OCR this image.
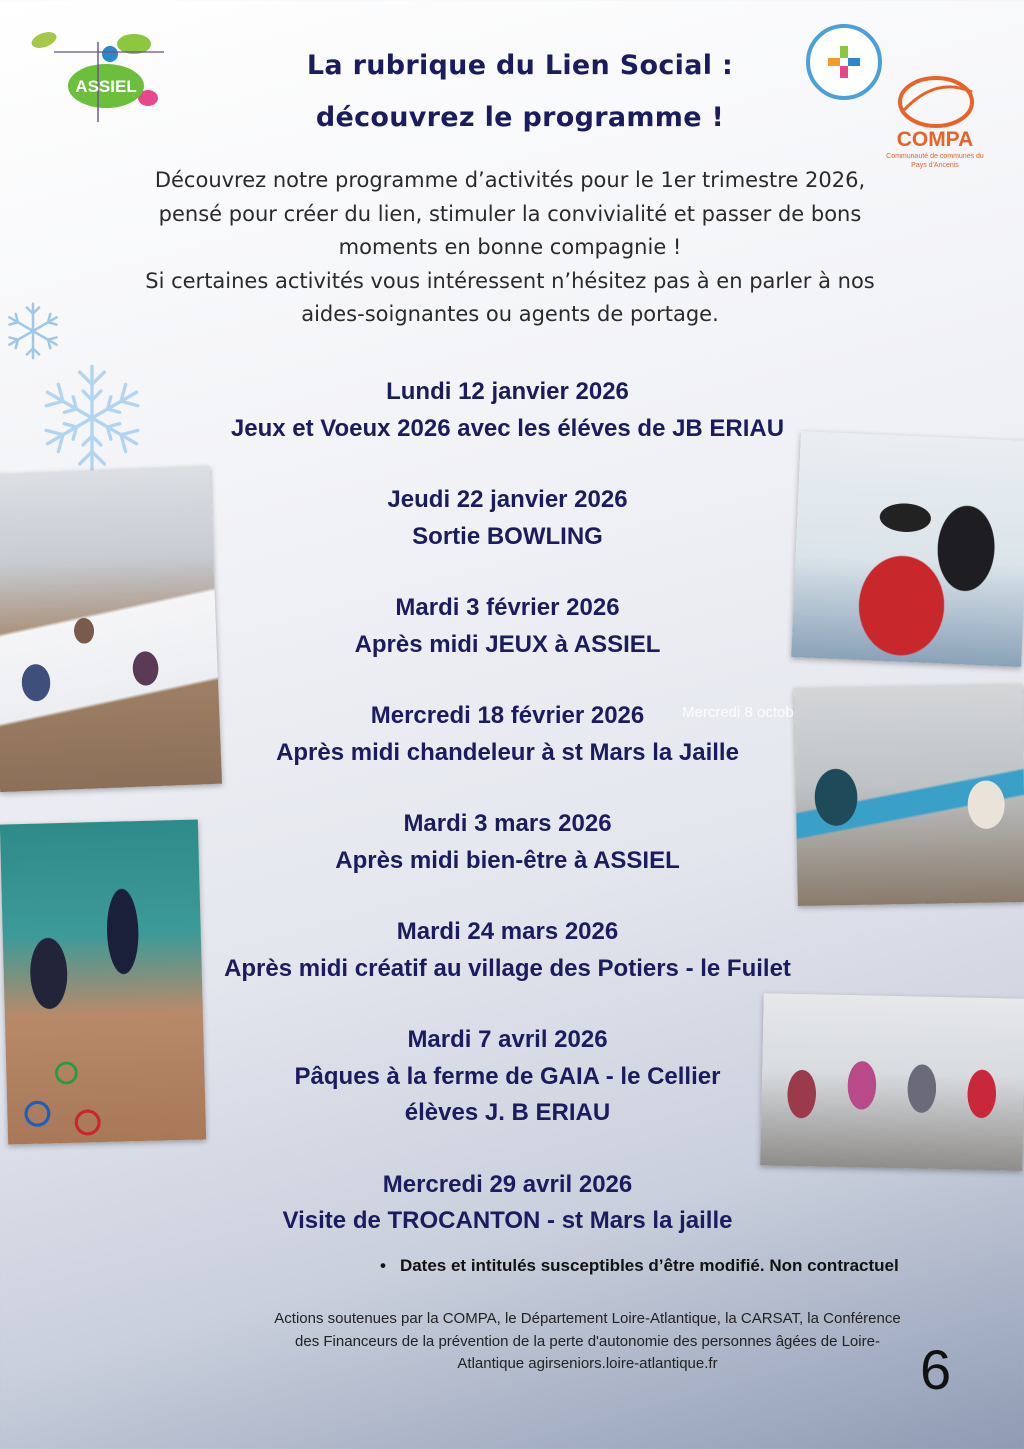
ASSIEL
COMPA
Communauté de communes du Pays d'Ancenis
La rubrique du Lien Social :
découvrez le programme !
Découvrez notre programme d’activités pour le 1er trimestre 2026,
pensé pour créer du lien, stimuler la convivialité et passer de bons
moments en bonne compagnie !
Si certaines activités vous intéressent n’hésitez pas à en parler à nos
aides-soignantes ou agents de portage.
Mercredi 8 octob
Lundi 12 janvier 2026
Jeux et Voeux 2026 avec les éléves de JB ERIAU
Jeudi 22 janvier 2026
Sortie BOWLING
Mardi 3 février 2026
Après midi JEUX à ASSIEL
Mercredi 18 février 2026
Après midi chandeleur à st Mars la Jaille
Mardi 3 mars 2026
Après midi bien-être à ASSIEL
Mardi 24 mars 2026
Après midi créatif au village des Potiers - le Fuilet
Mardi 7 avril 2026
Pâques à la ferme de GAIA - le Cellier
élèves J. B ERIAU
Mercredi 29 avril 2026
Visite de TROCANTON - st Mars la jaille
• Dates et intitulés susceptibles d’être modifié. Non contractuel
Actions soutenues par la COMPA, le Département Loire-Atlantique, la CARSAT, la Conférence
des Financeurs de la prévention de la perte d'autonomie des personnes âgées de Loire-
Atlantique agirseniors.loire-atlantique.fr	6
